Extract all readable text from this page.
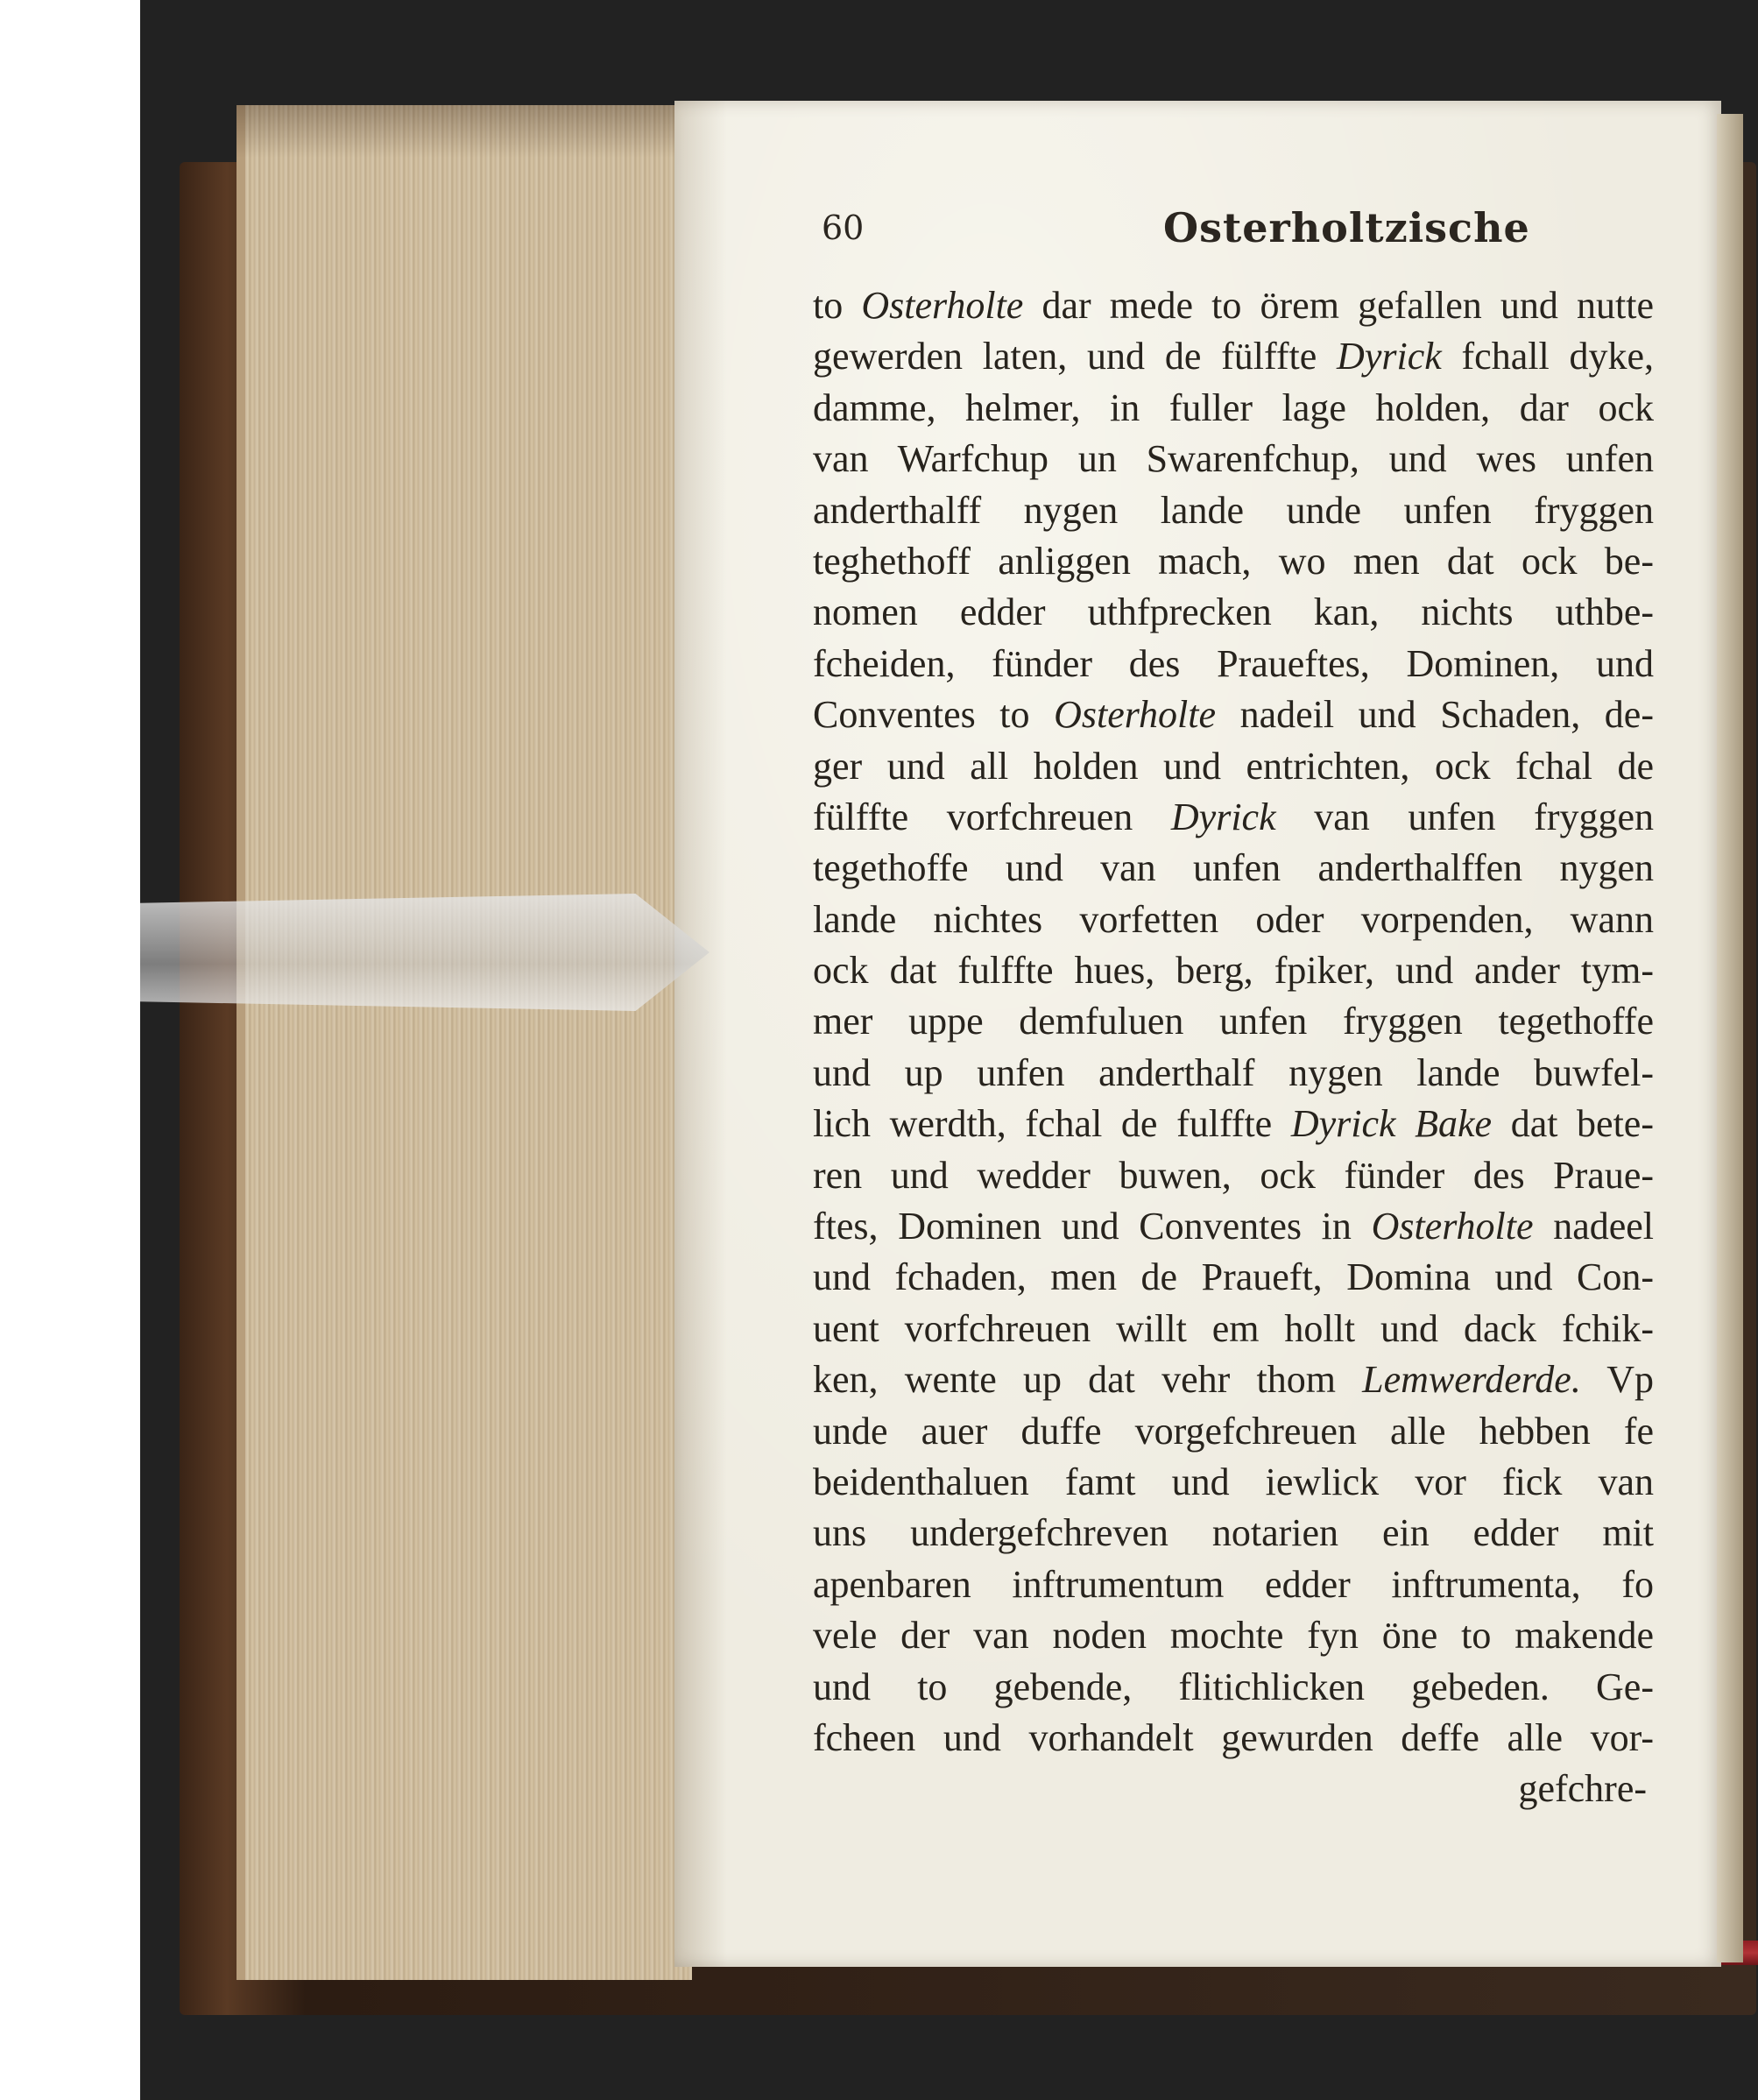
60	Osterholtzische
to Osterholte dar mede to örem gefallen und nutte
gewerden laten, und de fülffte Dyrick fchall dyke,
damme, helmer, in fuller lage holden, dar ock
van Warfchup un Swarenfchup, und wes unfen
anderthalff nygen lande unde unfen fryggen
teghethoff anliggen mach, wo men dat ock be-
nomen edder uthfprecken kan, nichts uthbe-
fcheiden, fünder des Praueftes, Dominen, und
Conventes to Osterholte nadeil und Schaden, de-
ger und all holden und entrichten, ock fchal de
fülffte vorfchreuen Dyrick van unfen fryggen
tegethoffe und van unfen anderthalffen nygen
lande nichtes vorfetten oder vorpenden, wann
ock dat fulffte hues, berg, fpiker, und ander tym-
mer uppe demfuluen unfen fryggen tegethoffe
und up unfen anderthalf nygen lande buwfel-
lich werdth, fchal de fulffte Dyrick Bake dat bete-
ren und wedder buwen, ock fünder des Praue-
ftes, Dominen und Conventes in Osterholte nadeel
und fchaden, men de Praueft, Domina und Con-
uent vorfchreuen willt em hollt und dack fchik-
ken, wente up dat vehr thom Lemwerderde. Vp
unde auer duffe vorgefchreuen alle hebben fe
beidenthaluen famt und iewlick vor fick van
uns undergefchreven notarien ein edder mit
apenbaren inftrumentum edder inftrumenta, fo
vele der van noden mochte fyn öne to makende
und to gebende, flitichlicken gebeden. Ge-
fcheen und vorhandelt gewurden deffe alle vor-
gefchre-
